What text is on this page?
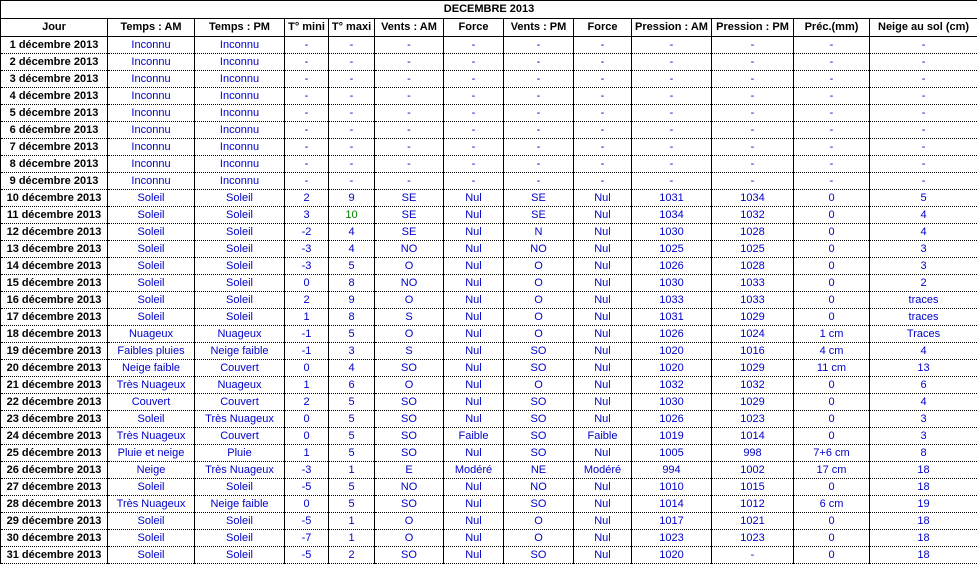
DECEMBRE 2013												
Jour	Temps : AM	Temps : PM	T° mini	T° maxi	Vents : AM	Force	Vents : PM	Force	Pression : AM	Pression : PM	Préc.(mm)	Neige au sol (cm)
1 décembre 2013	Inconnu	Inconnu	-	-	-	-	-	-	-	-	-	-
2 décembre 2013	Inconnu	Inconnu	-	-	-	-	-	-	-	-	-	-
3 décembre 2013	Inconnu	Inconnu	-	-	-	-	-	-	-	-	-	-
4 décembre 2013	Inconnu	Inconnu	-	-	-	-	-	-	-	-	-	-
5 décembre 2013	Inconnu	Inconnu	-	-	-	-	-	-	-	-	-	-
6 décembre 2013	Inconnu	Inconnu	-	-	-	-	-	-	-	-	-	-
7 décembre 2013	Inconnu	Inconnu	-	-	-	-	-	-	-	-	-	-
8 décembre 2013	Inconnu	Inconnu	-	-	-	-	-	-	-	-	-	-
9 décembre 2013	Inconnu	Inconnu	-	-	-	-	-	-	-	-	-	-
10 décembre 2013	Soleil	Soleil	2	9	SE	Nul	SE	Nul	1031	1034	0	5
11 décembre 2013	Soleil	Soleil	3	10	SE	Nul	SE	Nul	1034	1032	0	4
12 décembre 2013	Soleil	Soleil	-2	4	SE	Nul	N	Nul	1030	1028	0	4
13 décembre 2013	Soleil	Soleil	-3	4	NO	Nul	NO	Nul	1025	1025	0	3
14 décembre 2013	Soleil	Soleil	-3	5	O	Nul	O	Nul	1026	1028	0	3
15 décembre 2013	Soleil	Soleil	0	8	NO	Nul	O	Nul	1030	1033	0	2
16 décembre 2013	Soleil	Soleil	2	9	O	Nul	O	Nul	1033	1033	0	traces
17 décembre 2013	Soleil	Soleil	1	8	S	Nul	O	Nul	1031	1029	0	traces
18 décembre 2013	Nuageux	Nuageux	-1	5	O	Nul	O	Nul	1026	1024	1 cm	Traces
19 décembre 2013	Faibles pluies	Neige faible	-1	3	S	Nul	SO	Nul	1020	1016	4 cm	4
20 décembre 2013	Neige faible	Couvert	0	4	SO	Nul	SO	Nul	1020	1029	11 cm	13
21 décembre 2013	Très Nuageux	Nuageux	1	6	O	Nul	O	Nul	1032	1032	0	6
22 décembre 2013	Couvert	Couvert	2	5	SO	Nul	SO	Nul	1030	1029	0	4
23 décembre 2013	Soleil	Très Nuageux	0	5	SO	Nul	SO	Nul	1026	1023	0	3
24 décembre 2013	Très Nuageux	Couvert	0	5	SO	Faible	SO	Faible	1019	1014	0	3
25 décembre 2013	Pluie et neige	Pluie	1	5	SO	Nul	SO	Nul	1005	998	7+6 cm	8
26 décembre 2013	Neige	Très Nuageux	-3	1	E	Modéré	NE	Modéré	994	1002	17 cm	18
27 décembre 2013	Soleil	Soleil	-5	5	NO	Nul	NO	Nul	1010	1015	0	18
28 décembre 2013	Très Nuageux	Neige faible	0	5	SO	Nul	SO	Nul	1014	1012	6 cm	19
29 décembre 2013	Soleil	Soleil	-5	1	O	Nul	O	Nul	1017	1021	0	18
30 décembre 2013	Soleil	Soleil	-7	1	O	Nul	O	Nul	1023	1023	0	18
31 décembre 2013	Soleil	Soleil	-5	2	SO	Nul	SO	Nul	1020	-	0	18
